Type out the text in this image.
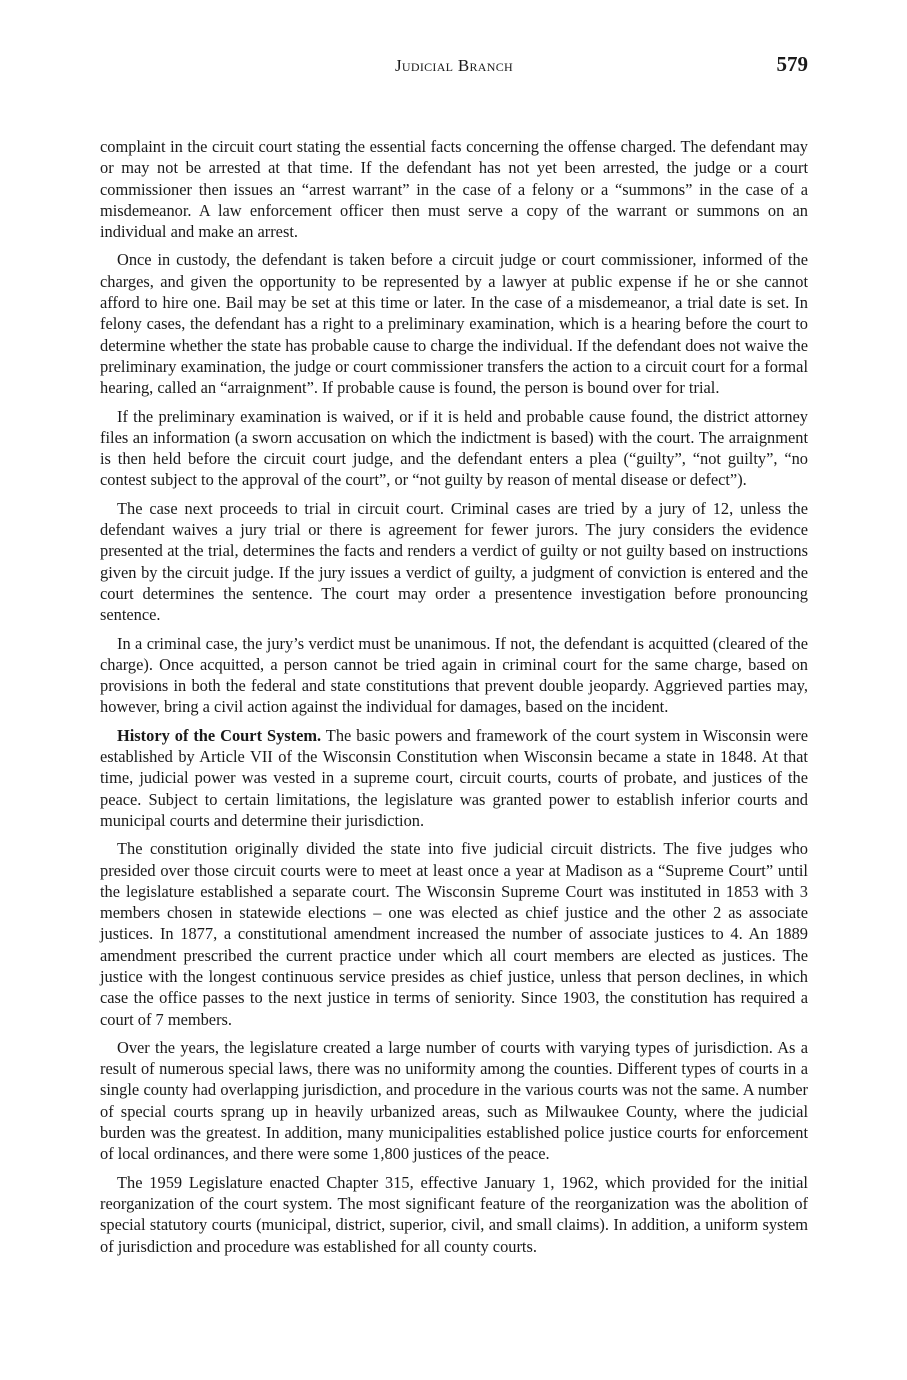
Judicial Branch	579

complaint in the circuit court stating the essential facts concerning the offense charged. The defendant may or may not be arrested at that time. If the defendant has not yet been arrested, the judge or a court commissioner then issues an “arrest warrant” in the case of a felony or a “summons” in the case of a misdemeanor. A law enforcement officer then must serve a copy of the warrant or summons on an individual and make an arrest.

Once in custody, the defendant is taken before a circuit judge or court commissioner, informed of the charges, and given the opportunity to be represented by a lawyer at public expense if he or she cannot afford to hire one. Bail may be set at this time or later. In the case of a misdemeanor, a trial date is set. In felony cases, the defendant has a right to a preliminary examination, which is a hearing before the court to determine whether the state has probable cause to charge the individual. If the defendant does not waive the preliminary examination, the judge or court commissioner transfers the action to a circuit court for a formal hearing, called an “arraignment”. If probable cause is found, the person is bound over for trial.

If the preliminary examination is waived, or if it is held and probable cause found, the district attorney files an information (a sworn accusation on which the indictment is based) with the court. The arraignment is then held before the circuit court judge, and the defendant enters a plea (“guilty”, “not guilty”, “no contest subject to the approval of the court”, or “not guilty by reason of mental disease or defect”).

The case next proceeds to trial in circuit court. Criminal cases are tried by a jury of 12, unless the defendant waives a jury trial or there is agreement for fewer jurors. The jury considers the evidence presented at the trial, determines the facts and renders a verdict of guilty or not guilty based on instructions given by the circuit judge. If the jury issues a verdict of guilty, a judgment of conviction is entered and the court determines the sentence. The court may order a presentence investigation before pronouncing sentence.

In a criminal case, the jury’s verdict must be unanimous. If not, the defendant is acquitted (cleared of the charge). Once acquitted, a person cannot be tried again in criminal court for the same charge, based on provisions in both the federal and state constitutions that prevent double jeopardy. Aggrieved parties may, however, bring a civil action against the individual for damages, based on the incident.

History of the Court System. The basic powers and framework of the court system in Wisconsin were established by Article VII of the Wisconsin Constitution when Wisconsin became a state in 1848. At that time, judicial power was vested in a supreme court, circuit courts, courts of probate, and justices of the peace. Subject to certain limitations, the legislature was granted power to establish inferior courts and municipal courts and determine their jurisdiction.

The constitution originally divided the state into five judicial circuit districts. The five judges who presided over those circuit courts were to meet at least once a year at Madison as a “Supreme Court” until the legislature established a separate court. The Wisconsin Supreme Court was instituted in 1853 with 3 members chosen in statewide elections – one was elected as chief justice and the other 2 as associate justices. In 1877, a constitutional amendment increased the number of associate justices to 4. An 1889 amendment prescribed the current practice under which all court members are elected as justices. The justice with the longest continuous service presides as chief justice, unless that person declines, in which case the office passes to the next justice in terms of seniority. Since 1903, the constitution has required a court of 7 members.

Over the years, the legislature created a large number of courts with varying types of jurisdiction. As a result of numerous special laws, there was no uniformity among the counties. Different types of courts in a single county had overlapping jurisdiction, and procedure in the various courts was not the same. A number of special courts sprang up in heavily urbanized areas, such as Milwaukee County, where the judicial burden was the greatest. In addition, many municipalities established police justice courts for enforcement of local ordinances, and there were some 1,800 justices of the peace.

The 1959 Legislature enacted Chapter 315, effective January 1, 1962, which provided for the initial reorganization of the court system. The most significant feature of the reorganization was the abolition of special statutory courts (municipal, district, superior, civil, and small claims). In addition, a uniform system of jurisdiction and procedure was established for all county courts.
